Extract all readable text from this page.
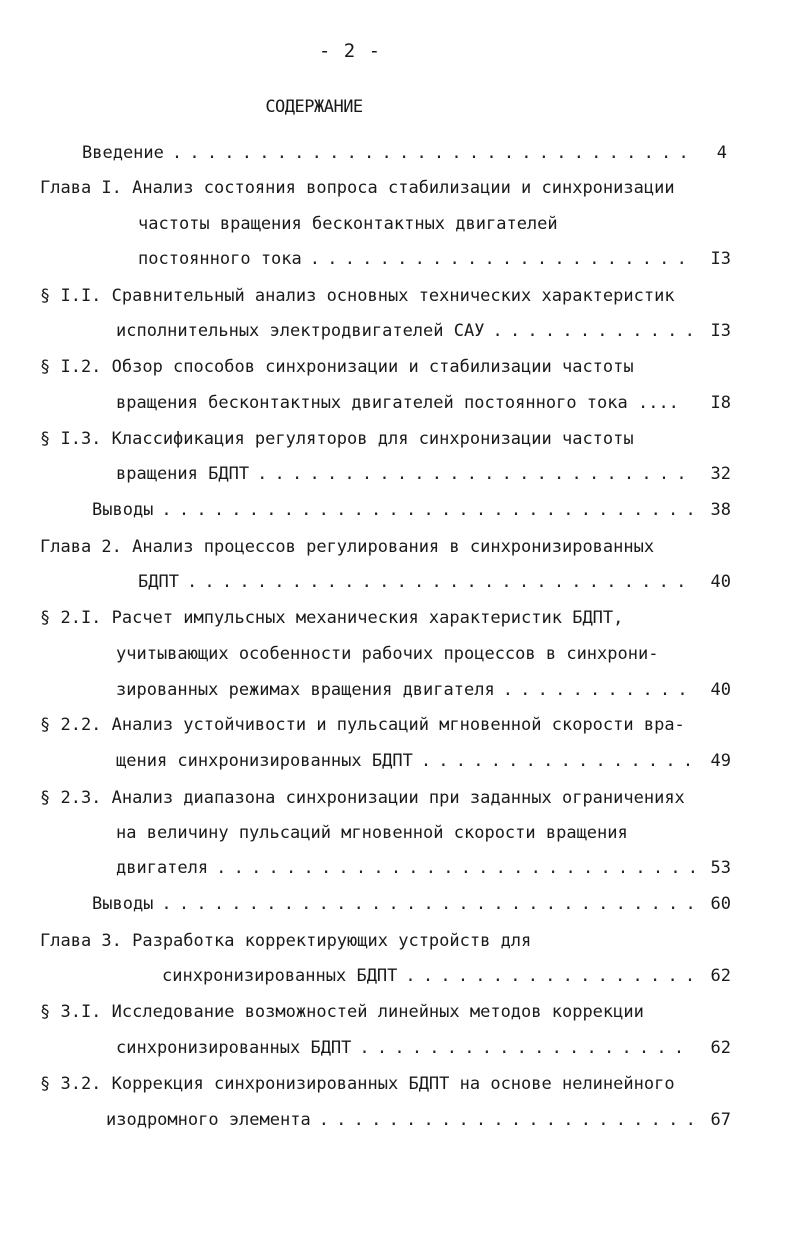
- 2 -
СОДЕРЖАНИЕ
Введение . . .	4
Глава I. Анализ состояния вопроса стабилизации и синхронизации
частоты вращения бесконтактных двигателей
постоянного тока . . .	I3
§ I.I. Сравнительный анализ основных технических характеристик
исполнительных электродвигателей САУ . . .	I3
§ I.2. Обзор способов синхронизации и стабилизации частоты
вращения бесконтактных двигателей постоянного тока ....	I8
§ I.3. Классификация регуляторов для синхронизации частоты
вращения БДПТ . . .	32
Выводы . . .	38
Глава 2. Анализ процессов регулирования в синхронизированных
БДПТ . . .	40
§ 2.I. Расчет импульсных механическия характеристик БДПТ,
учитывающих особенности рабочих процессов в синхрони-
зированных режимах вращения двигателя . . .	40
§ 2.2. Анализ устойчивости и пульсаций мгновенной скорости вра-
щения синхронизированных БДПТ . . .	49
§ 2.3. Анализ диапазона синхронизации при заданных ограничениях
на величину пульсаций мгновенной скорости вращения
двигателя . . .	53
Выводы . . .	60
Глава 3. Разработка корректирующих устройств для
синхронизированных БДПТ . . .	62
§ 3.I. Исследование возможностей линейных методов коррекции
синхронизированных БДПТ . . .	62
§ 3.2. Коррекция синхронизированных БДПТ на основе нелинейного
изодромного элемента . . .	67
